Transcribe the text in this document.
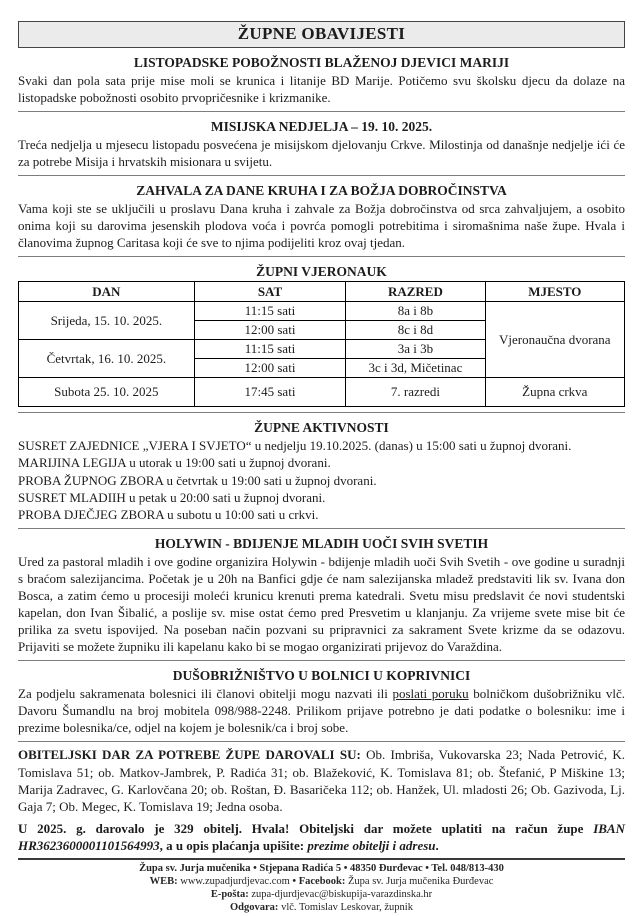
ŽUPNE OBAVIJESTI
LISTOPADSKE POBOŽNOSTI BLAŽENOJ DJEVICI MARIJI

Svaki dan pola sata prije mise moli se krunica i litanije BD Marije. Potičemo svu školsku djecu da dolaze na listopadske pobožnosti osobito prvopričesnike i krizmanike.

MISIJSKA NEDJELJA – 19. 10. 2025.

Treća nedjelja u mjesecu listopadu posvećena je misijskom djelovanju Crkve. Milostinja od današnje nedjelje ići će za potrebe Misija i hrvatskih misionara u svijetu.

ZAHVALA ZA DANE KRUHA I ZA BOŽJA DOBROČINSTVA

Vama koji ste se uključili u proslavu Dana kruha i zahvale za Božja dobročinstva od srca zahvaljujem, a osobito onima koji su darovima jesenskih plodova voća i povrća pomogli potrebitima i siromašnima naše župe. Hvala i članovima župnog Caritasa koji će sve to njima podijeliti kroz ovaj tjedan.

ŽUPNI VJERONAUK
DAN	SAT	RAZRED	MJESTO
Srijeda, 15. 10. 2025.	11:15 sati	8a i 8b	Vjeronaučna dvorana
	12:00 sati	8c i 8d	
Četvrtak, 16. 10. 2025.	11:15 sati	3a i 3b	
	12:00 sati	3c i 3d, Mičetinac	
Subota 25. 10. 2025	17:45 sati	7. razredi	Župna crkva
ŽUPNE AKTIVNOSTI
SUSRET ZAJEDNICE „VJERA I SVJETO“ u nedjelju 19.10.2025. (danas) u 15:00 sati u župnoj dvorani.
MARIJINA LEGIJA u utorak u 19:00 sati u župnoj dvorani.
PROBA ŽUPNOG ZBORA u četvrtak u 19:00 sati u župnoj dvorani.
SUSRET MLADIIH u petak u 20:00 sati u župnoj dvorani.
PROBA DJEČJEG ZBORA u subotu u 10:00 sati u crkvi.
HOLYWIN - BDIJENJE MLADIH UOČI SVIH SVETIH

Ured za pastoral mladih i ove godine organizira Holywin - bdijenje mladih uoči Svih Svetih - ove godine u suradnji s braćom salezijancima. Početak je u 20h na Banfici gdje će nam salezijanska mladež predstaviti lik sv. Ivana don Bosca, a zatim ćemo u procesiji moleći krunicu krenuti prema katedrali. Svetu misu predslavit će novi studentski kapelan, don Ivan Šibalić, a poslije sv. mise ostat ćemo pred Presvetim u klanjanju. Za vrijeme svete mise bit će prilika za svetu ispovijed. Na poseban način pozvani su pripravnici za sakrament Svete krizme da se odazovu. Prijaviti se možete župniku ili kapelanu kako bi se mogao organizirati prijevoz do Varaždina.

DUŠOBRIŽNIŠTVO U BOLNICI U KOPRIVNICI

Za podjelu sakramenata bolesnici ili članovi obitelji mogu nazvati ili poslati poruku bolničkom dušobrižniku vlč. Davoru Šumandlu na broj mobitela 098/988-2248. Prilikom prijave potrebno je dati podatke o bolesniku: ime i prezime bolesnika/ce, odjel na kojem je bolesnik/ca i broj sobe.

OBITELJSKI DAR ZA POTREBE ŽUPE DAROVALI SU: Ob. Imbriša, Vukovarska 23; Nada Petrović, K. Tomislava 51; ob. Matkov-Jambrek, P. Radića 31; ob. Blažeković, K. Tomislava 81; ob. Štefanić, P Miškine 13; Marija Zadravec, G. Karlovčana 20; ob. Roštan, Đ. Basaričeka 112; ob. Hanžek, Ul. mladosti 26; Ob. Gazivoda, Lj. Gaja 7; Ob. Megec, K. Tomislava 19; Jedna osoba.

U 2025. g. darovalo je 329 obitelj. Hvala! Obiteljski dar možete uplatiti na račun župe IBAN HR3623600001101564993, a u opis plaćanja upišite: prezime obitelji i adresu.

Župa sv. Jurja mučenika • Stjepana Radića 5 • 48350 Đurđevac • Tel. 048/813-430
WEB: www.zupadjurdjevac.com • Facebook: Župa sv. Jurja mučenika Đurđevac
E-pošta: zupa-djurdjevac@biskupija-varazdinska.hr
Odgovara: vlč. Tomislav Leskovar, župnik
